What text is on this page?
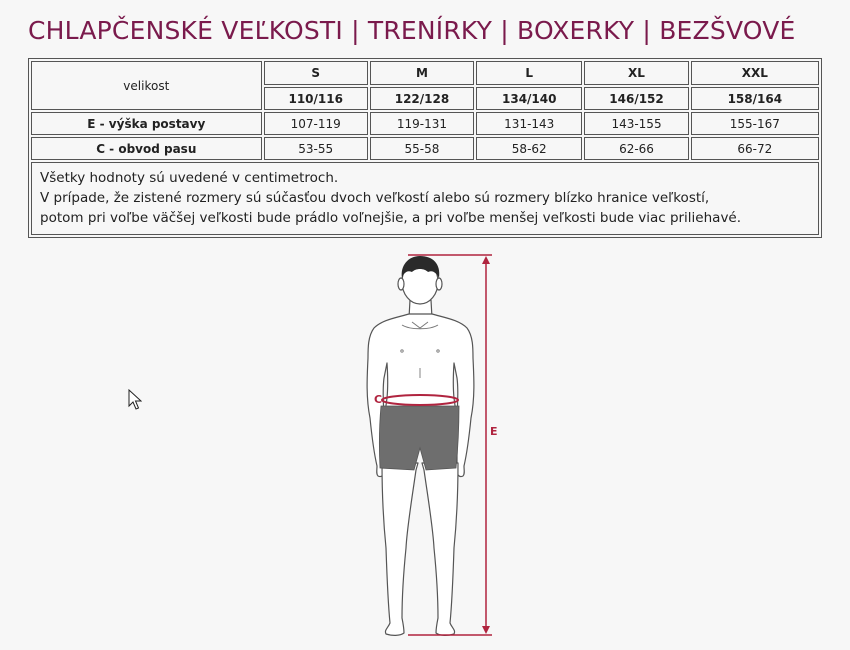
CHLAPČENSKÉ VEĽKOSTI | TRENÍRKY | BOXERKY | BEZŠVOVÉ
velikost	S	M	L	XL	XXL
	110/116	122/128	134/140	146/152	158/164
E - výška postavy	107-119	119-131	131-143	143-155	155-167
C - obvod pasu	53-55	55-58	58-62	62-66	66-72

Všetky hodnoty sú uvedené v centimetroch.
V prípade, že zistené rozmery sú súčasťou dvoch veľkostí alebo sú rozmery blízko hranice veľkostí,
potom pri voľbe väčšej veľkosti bude prádlo voľnejšie, a pri voľbe menšej veľkosti bude viac priliehavé.					
C
E
